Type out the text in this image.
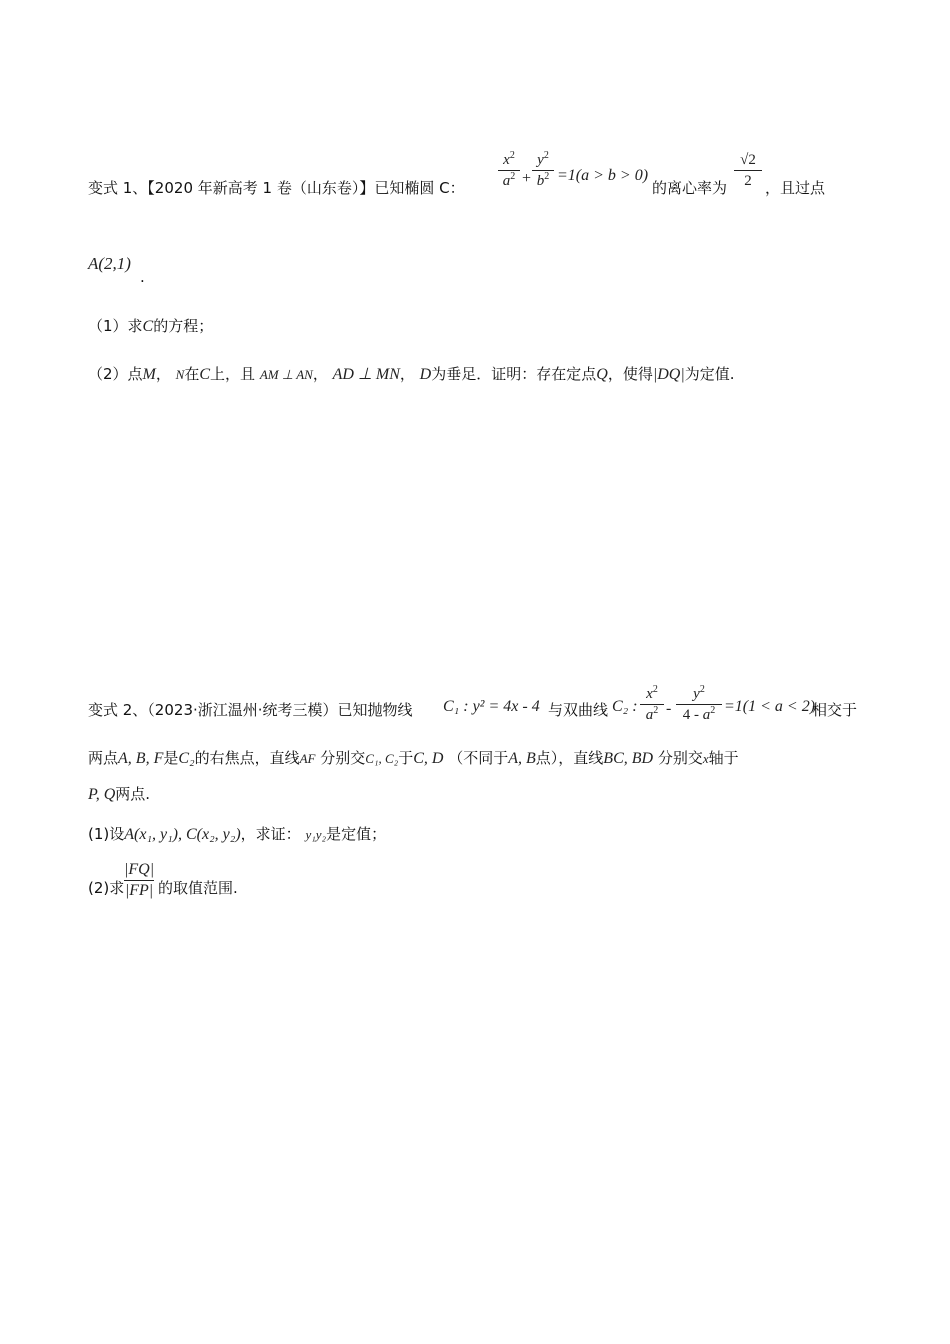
变式 1、【2020 年新高考 1 卷（山东卷）】已知椭圆 C：
$x^2$
$a^2$ +
$y^2$
$b^2 =1(a > b > 0)$
的离心率为
√2
2 ，且过点
A(2,1)
.
（1）求C的方程；
（2）点M， N在C上，且 AM ⊥ AN， AD ⊥ MN， D为垂足．证明：存在定点Q，使得|DQ|为定值.
变式 2、（2023·浙江温州·统考三模）已知抛物线 C₁ : y² = 4x - 4 与双曲线 C₂ :
$x^2$
$a^2$ -
$y^2$
$4 - a^2 =1(1 < a < 2)$
相交于
两点A, B, F是C₂的右焦点，直线AF 分别交C₁, C₂于C, D （不同于A, B点），直线BC, BD 分别交x轴于
P, Q两点.
(1)设A(x₁, y₁), C(x₂, y₂)，求证： y₁y₂是定值；
(2)求
|FQ|
|FP| 的取值范围.
